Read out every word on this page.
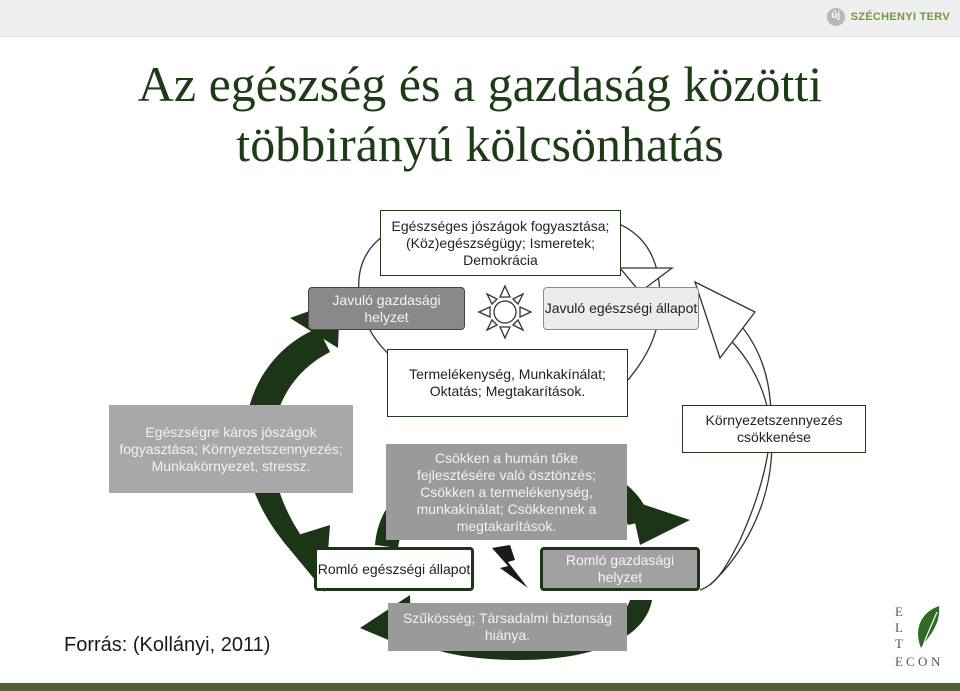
új SZÉCHENYI TERV
Az egészség és a gazdaság közötti
többirányú kölcsönhatás
Egészséges jószágok fogyasztása; (Köz)egészségügy; Ismeretek; Demokrácia
Javuló gazdasági helyzet
Javuló egészségi állapot
Termelékenység, Munkakínálat; Oktatás; Megtakarítások.
Egészségre káros jószágok fogyasztása; Környezetszennyezés; Munkakörnyezet, stressz.
Környezetszennyezés csökkenése
Csökken a humán tőke fejlesztésére való ösztönzés; Csökken a termelékenység, munkakínálat; Csökkennek a megtakarítások.
Romló egészségi állapot
Romló gazdasági helyzet
Szűkösség; Társadalmi biztonság hiánya.
Forrás: (Kollányi, 2011)
E
L
T
E C O N
